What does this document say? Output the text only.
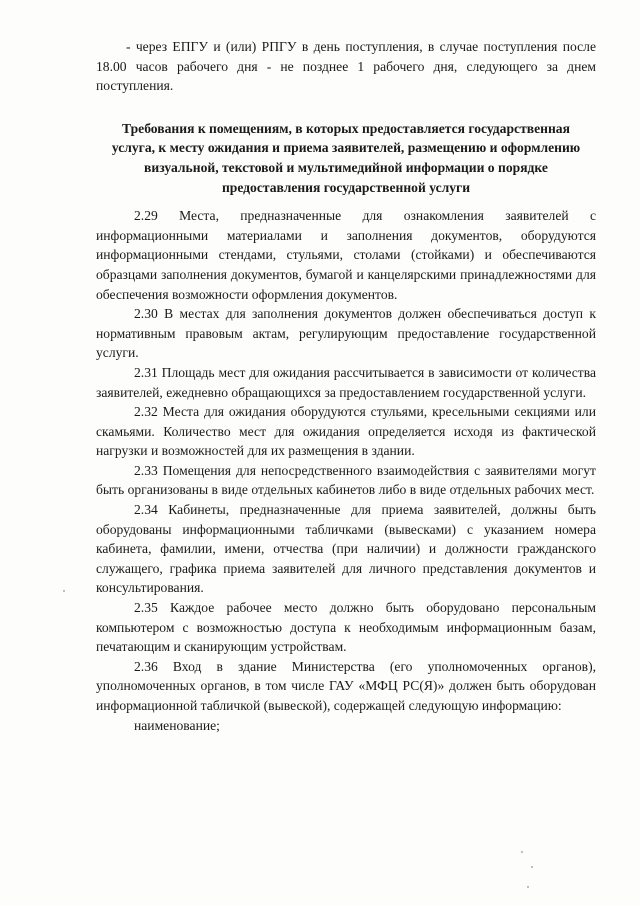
- через ЕПГУ и (или) РПГУ в день поступления, в случае поступления после 18.00 часов рабочего дня - не позднее 1 рабочего дня, следующего за днем поступления.

Требования к помещениям, в которых предоставляется государственная услуга, к месту ожидания и приема заявителей, размещению и оформлению визуальной, текстовой и мультимедийной информации о порядке предоставления государственной услуги

2.29 Места, предназначенные для ознакомления заявителей с информационными материалами и заполнения документов, оборудуются информационными стендами, стульями, столами (стойками) и обеспечиваются образцами заполнения документов, бумагой и канцелярскими принадлежностями для обеспечения возможности оформления документов.

2.30 В местах для заполнения документов должен обеспечиваться доступ к нормативным правовым актам, регулирующим предоставление государственной услуги.

2.31 Площадь мест для ожидания рассчитывается в зависимости от количества заявителей, ежедневно обращающихся за предоставлением государственной услуги.

2.32 Места для ожидания оборудуются стульями, кресельными секциями или скамьями. Количество мест для ожидания определяется исходя из фактической нагрузки и возможностей для их размещения в здании.

2.33 Помещения для непосредственного взаимодействия с заявителями могут быть организованы в виде отдельных кабинетов либо в виде отдельных рабочих мест.

2.34 Кабинеты, предназначенные для приема заявителей, должны быть оборудованы информационными табличками (вывесками) с указанием номера кабинета, фамилии, имени, отчества (при наличии) и должности гражданского служащего, графика приема заявителей для личного представления документов и консультирования.

2.35 Каждое рабочее место должно быть оборудовано персональным компьютером с возможностью доступа к необходимым информационным базам, печатающим и сканирующим устройствам.

2.36 Вход в здание Министерства (его уполномоченных органов), уполномоченных органов, в том числе ГАУ «МФЦ РС(Я)» должен быть оборудован информационной табличкой (вывеской), содержащей следующую информацию:

наименование;
